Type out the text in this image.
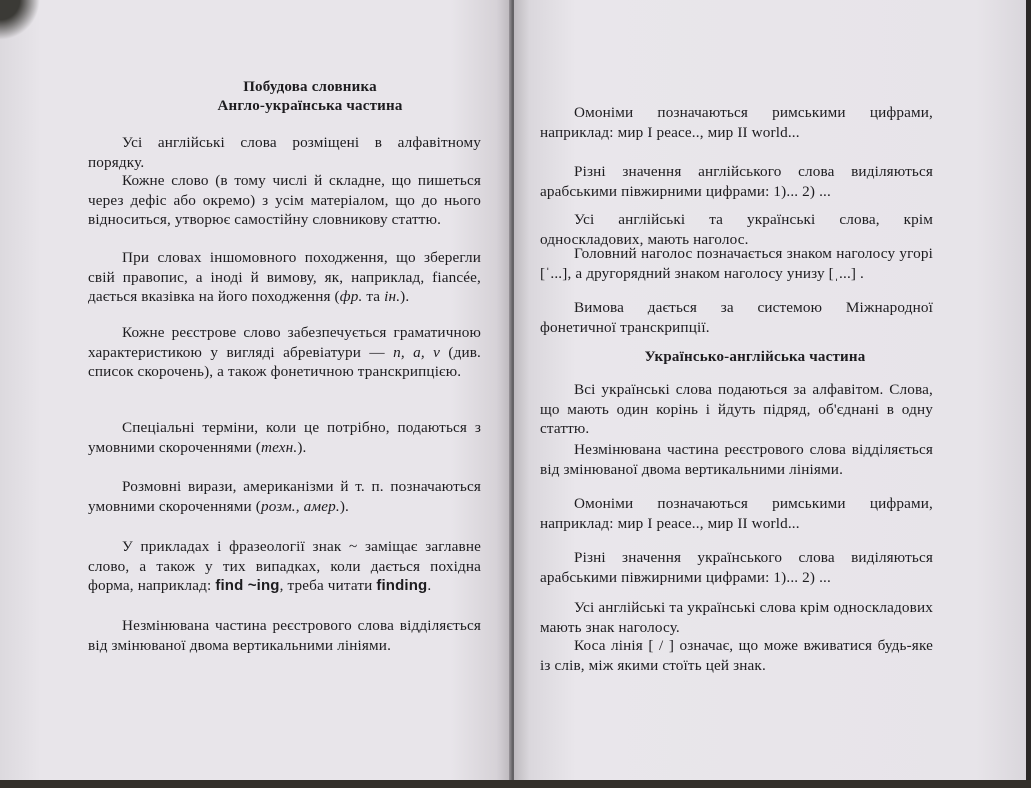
Побудова словника

Англо-українська частина

Усі англійські слова розміщені в алфавітному порядку.

Кожне слово (в тому числі й складне, що пишеться через дефіс або окремо) з усім матеріалом, що до нього відноситься, утворює самостійну словникову статтю.

При словах іншомовного походження, що зберегли свій правопис, а іноді й вимову, як, наприклад, fiancée, дається вказівка на його походження (фр. та ін.).

Кожне реєстрове слово забезпечується граматичною характеристикою у вигляді абревіатури — n, a, v (див. список скорочень), а також фонетичною транскрипцією.

Спеціальні терміни, коли це потрібно, подаються з умовними скороченнями (техн.).

Розмовні вирази, американізми й т. п. позначаються умовними скороченнями (розм., амер.).

У прикладах і фразеології знак ~ заміщає заглавне слово, а також у тих випадках, коли дається похідна форма, наприклад: find ~ing, треба читати finding.

Незмінювана частина реєстрового слова відділяється від змінюваної двома вертикальними лініями.

Омоніми позначаються римськими цифрами, наприклад: мир I peace.., мир II world...

Різні значення англійського слова виділяються арабськими півжирними цифрами: 1)... 2) ...

Усі англійські та українські слова, крім односкладових, мають наголос.

Головний наголос позначається знаком наголосу угорі [ˈ...], а другорядний знаком наголосу унизу [ˌ...] .

Вимова дається за системою Міжнародної фонетичної транскрипції.

Українсько-англійська частина

Всі українські слова подаються за алфавітом. Слова, що мають один корінь і йдуть підряд, об'єднані в одну статтю.

Незмінювана частина реєстрового слова відділяється від змінюваної двома вертикальними лініями.

Омоніми позначаються римськими цифрами, наприклад: мир I peace.., мир II world...

Різні значення українського слова виділяються арабськими півжирними цифрами: 1)... 2) ...

Усі англійські та українські слова крім односкладових мають знак наголосу.

Коса лінія [ / ] означає, що може вживатися будь-яке із слів, між якими стоїть цей знак.
